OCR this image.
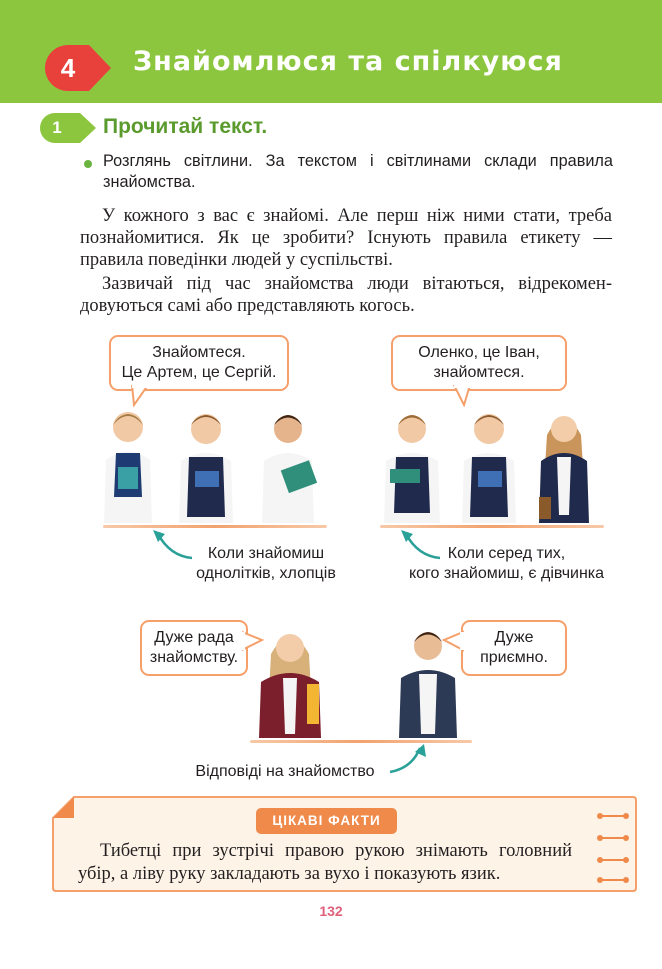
4	Знайомлюся та спілкуюся
1	Прочитай текст.
Розглянь світлини. За текстом і світлинами склади правила знайомства.
У кожного з вас є знайомі. Але перш ніж ними стати, треба познайомитися. Як це зробити? Існують правила етикету — правила поведінки людей у суспільстві.
Зазвичай під час знайомства люди вітаються, відрекомендовуються самі або представляють когось.
Знайомтеся.
Це Артем, це Сергій.
Коли знайомиш
однолітків, хлопців
Оленко, це Іван,
знайомтеся.
Коли серед тих,
кого знайомиш, є дівчинка
Дуже рада
знайомству.
Дуже
приємно.
Відповіді на знайомство
ЦІКАВІ ФАКТИ
Тибетці при зустрічі правою рукою знімають головний убір, а ліву руку закладають за вухо і показують язик.
132
